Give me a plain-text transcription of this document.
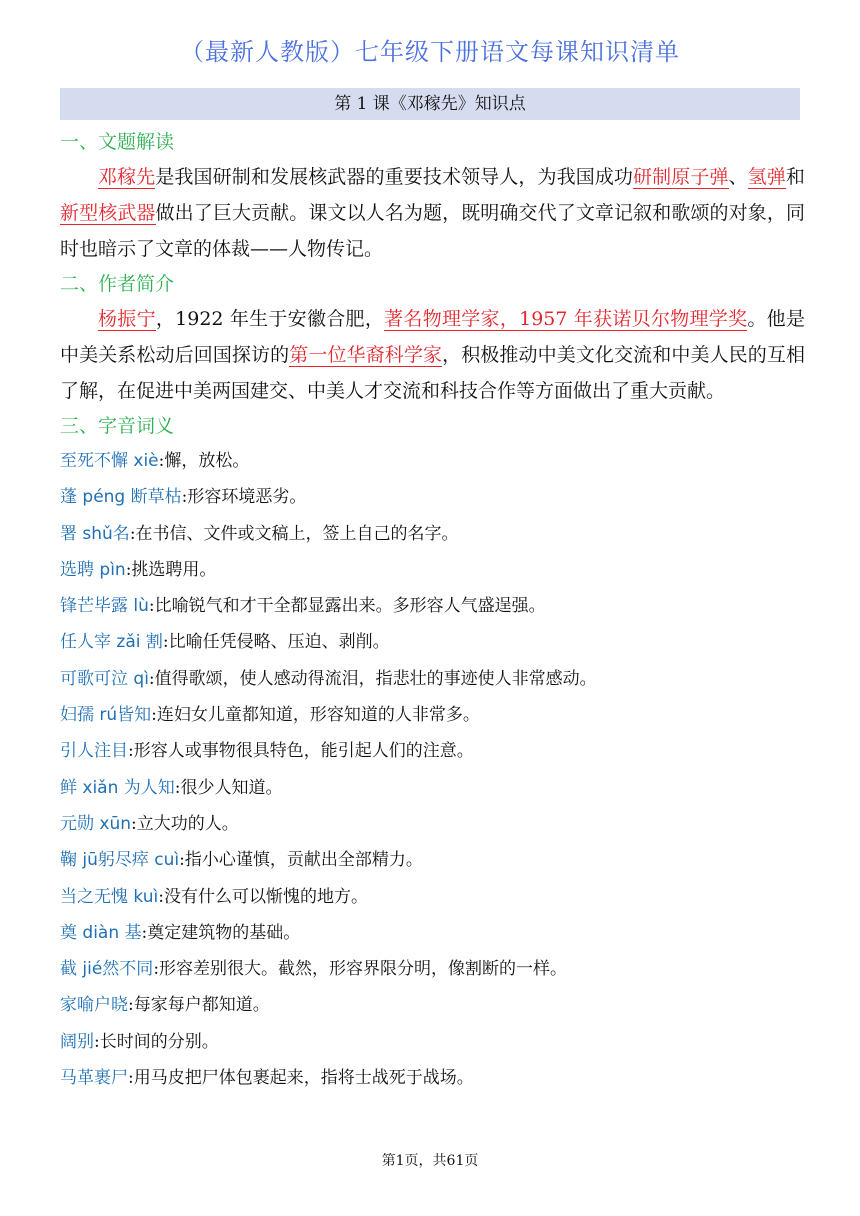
（最新人教版）七年级下册语文每课知识清单
第 1 课《邓稼先》知识点
一、文题解读

邓稼先是我国研制和发展核武器的重要技术领导人，为我国成功研制原子弹、氢弹和新型核武器做出了巨大贡献。课文以人名为题，既明确交代了文章记叙和歌颂的对象，同时也暗示了文章的体裁——人物传记。

二、作者简介

杨振宁，1922 年生于安徽合肥，著名物理学家，1957 年获诺贝尔物理学奖。他是中美关系松动后回国探访的第一位华裔科学家，积极推动中美文化交流和中美人民的互相了解，在促进中美两国建交、中美人才交流和科技合作等方面做出了重大贡献。

三、字音词义
至死不懈 xiè:懈，放松。
蓬 péng 断草枯:形容环境恶劣。
署 shǔ名:在书信、文件或文稿上，签上自己的名字。
选聘 pìn:挑选聘用。
锋芒毕露 lù:比喻锐气和才干全都显露出来。多形容人气盛逞强。
任人宰 zǎi 割:比喻任凭侵略、压迫、剥削。
可歌可泣 qì:值得歌颂，使人感动得流泪，指悲壮的事迹使人非常感动。
妇孺 rú皆知:连妇女儿童都知道，形容知道的人非常多。
引人注目:形容人或事物很具特色，能引起人们的注意。
鲜 xiǎn 为人知:很少人知道。
元勋 xūn:立大功的人。
鞠 jū躬尽瘁 cuì:指小心谨慎，贡献出全部精力。
当之无愧 kuì:没有什么可以惭愧的地方。
奠 diàn 基:奠定建筑物的基础。
截 jié然不同:形容差别很大。截然，形容界限分明，像割断的一样。
家喻户晓:每家每户都知道。
阔别:长时间的分别。
马革裹尸:用马皮把尸体包裹起来，指将士战死于战场。
第1页，共61页
